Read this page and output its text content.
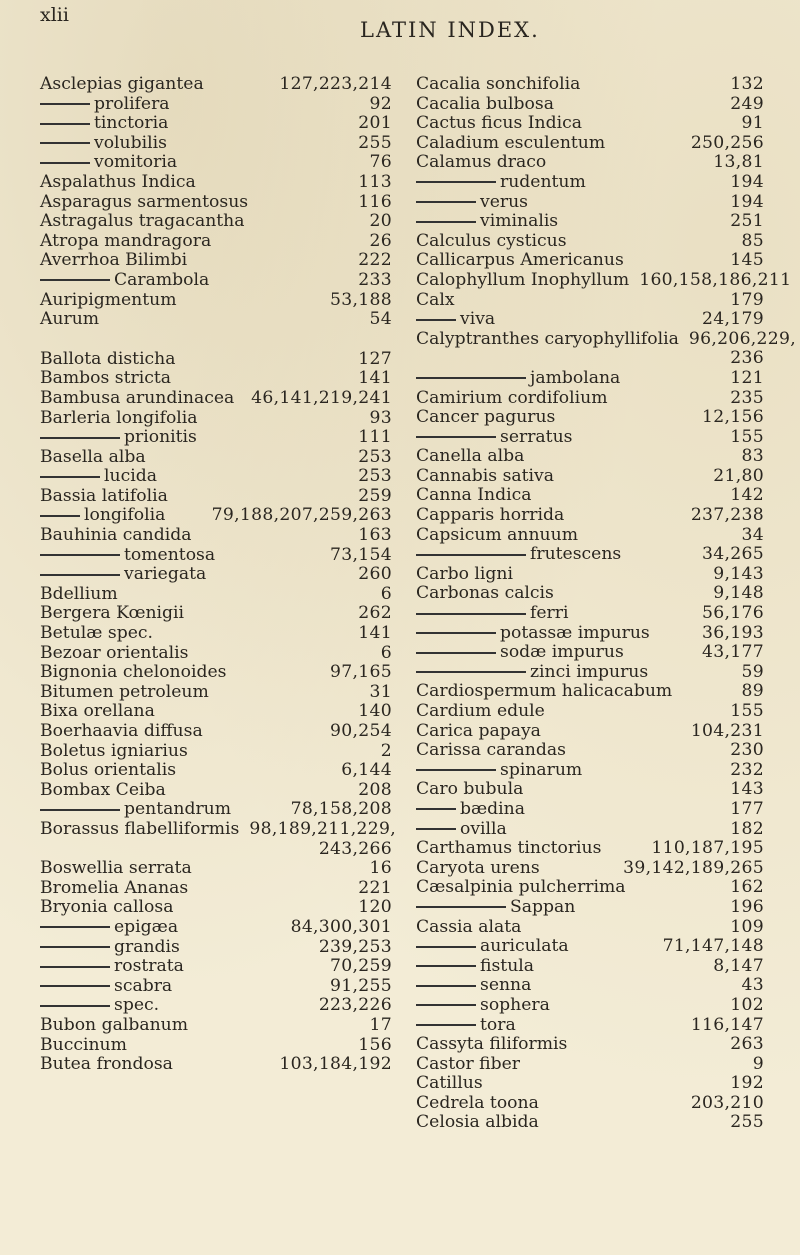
xlii
LATIN INDEX.
Asclepias gigantea	127,223,214
prolifera	92
tinctoria	201
volubilis	255
vomitoria	76
Aspalathus Indica	113
Asparagus sarmentosus	116
Astragalus tragacantha	20
Atropa mandragora	26
Averrhoa Bilimbi	222
Carambola	233
Auripigmentum	53,188
Aurum	54
Ballota disticha	127
Bambos stricta	141
Bambusa arundinacea 46,141,219,241
Barleria longifolia	93
prionitis	111
Basella alba	253
lucida	253
Bassia latifolia	259
longifolia	79,188,207,259,263
Bauhinia candida	163
tomentosa	73,154
variegata	260
Bdellium	6
Bergera Kœnigii	262
Betulæ spec.	141
Bezoar orientalis	6
Bignonia chelonoides	97,165
Bitumen petroleum	31
Bixa orellana	140
Boerhaavia diffusa	90,254
Boletus igniarius	2
Bolus orientalis	6,144
Bombax Ceiba	208
pentandrum	78,158,208
Borassus flabelliformis 98,189,211,229,
243,266
Boswellia serrata	16
Bromelia Ananas	221
Bryonia callosa	120
epigæa	84,300,301
grandis	239,253
rostrata	70,259
scabra	91,255
spec.	223,226
Bubon galbanum	17
Buccinum	156
Butea frondosa	103,184,192
Cacalia sonchifolia	132
Cacalia bulbosa	249
Cactus ficus Indica	91
Caladium esculentum	250,256
Calamus draco	13,81
rudentum	194
verus	194
viminalis	251
Calculus cysticus	85
Callicarpus Americanus	145
Calophyllum Inophyllum 160,158,186,211
Calx	179
viva	24,179
Calyptranthes caryophyllifolia 96,206,229,
236
jambolana	121
Camirium cordifolium	235
Cancer pagurus	12,156
serratus	155
Canella alba	83
Cannabis sativa	21,80
Canna Indica	142
Capparis horrida	237,238
Capsicum annuum	34
frutescens	34,265
Carbo ligni	9,143
Carbonas calcis	9,148
ferri	56,176
potassæ impurus	36,193
sodæ impurus	43,177
zinci impurus	59
Cardiospermum halicacabum	89
Cardium edule	155
Carica papaya	104,231
Carissa carandas	230
spinarum	232
Caro bubula	143
bædina	177
ovilla	182
Carthamus tinctorius	110,187,195
Caryota urens	39,142,189,265
Cæsalpinia pulcherrima	162
Sappan	196
Cassia alata	109
auriculata	71,147,148
fistula	8,147
senna	43
sophera	102
tora	116,147
Cassyta filiformis	263
Castor fiber	9
Catillus	192
Cedrela toona	203,210
Celosia albida	255
